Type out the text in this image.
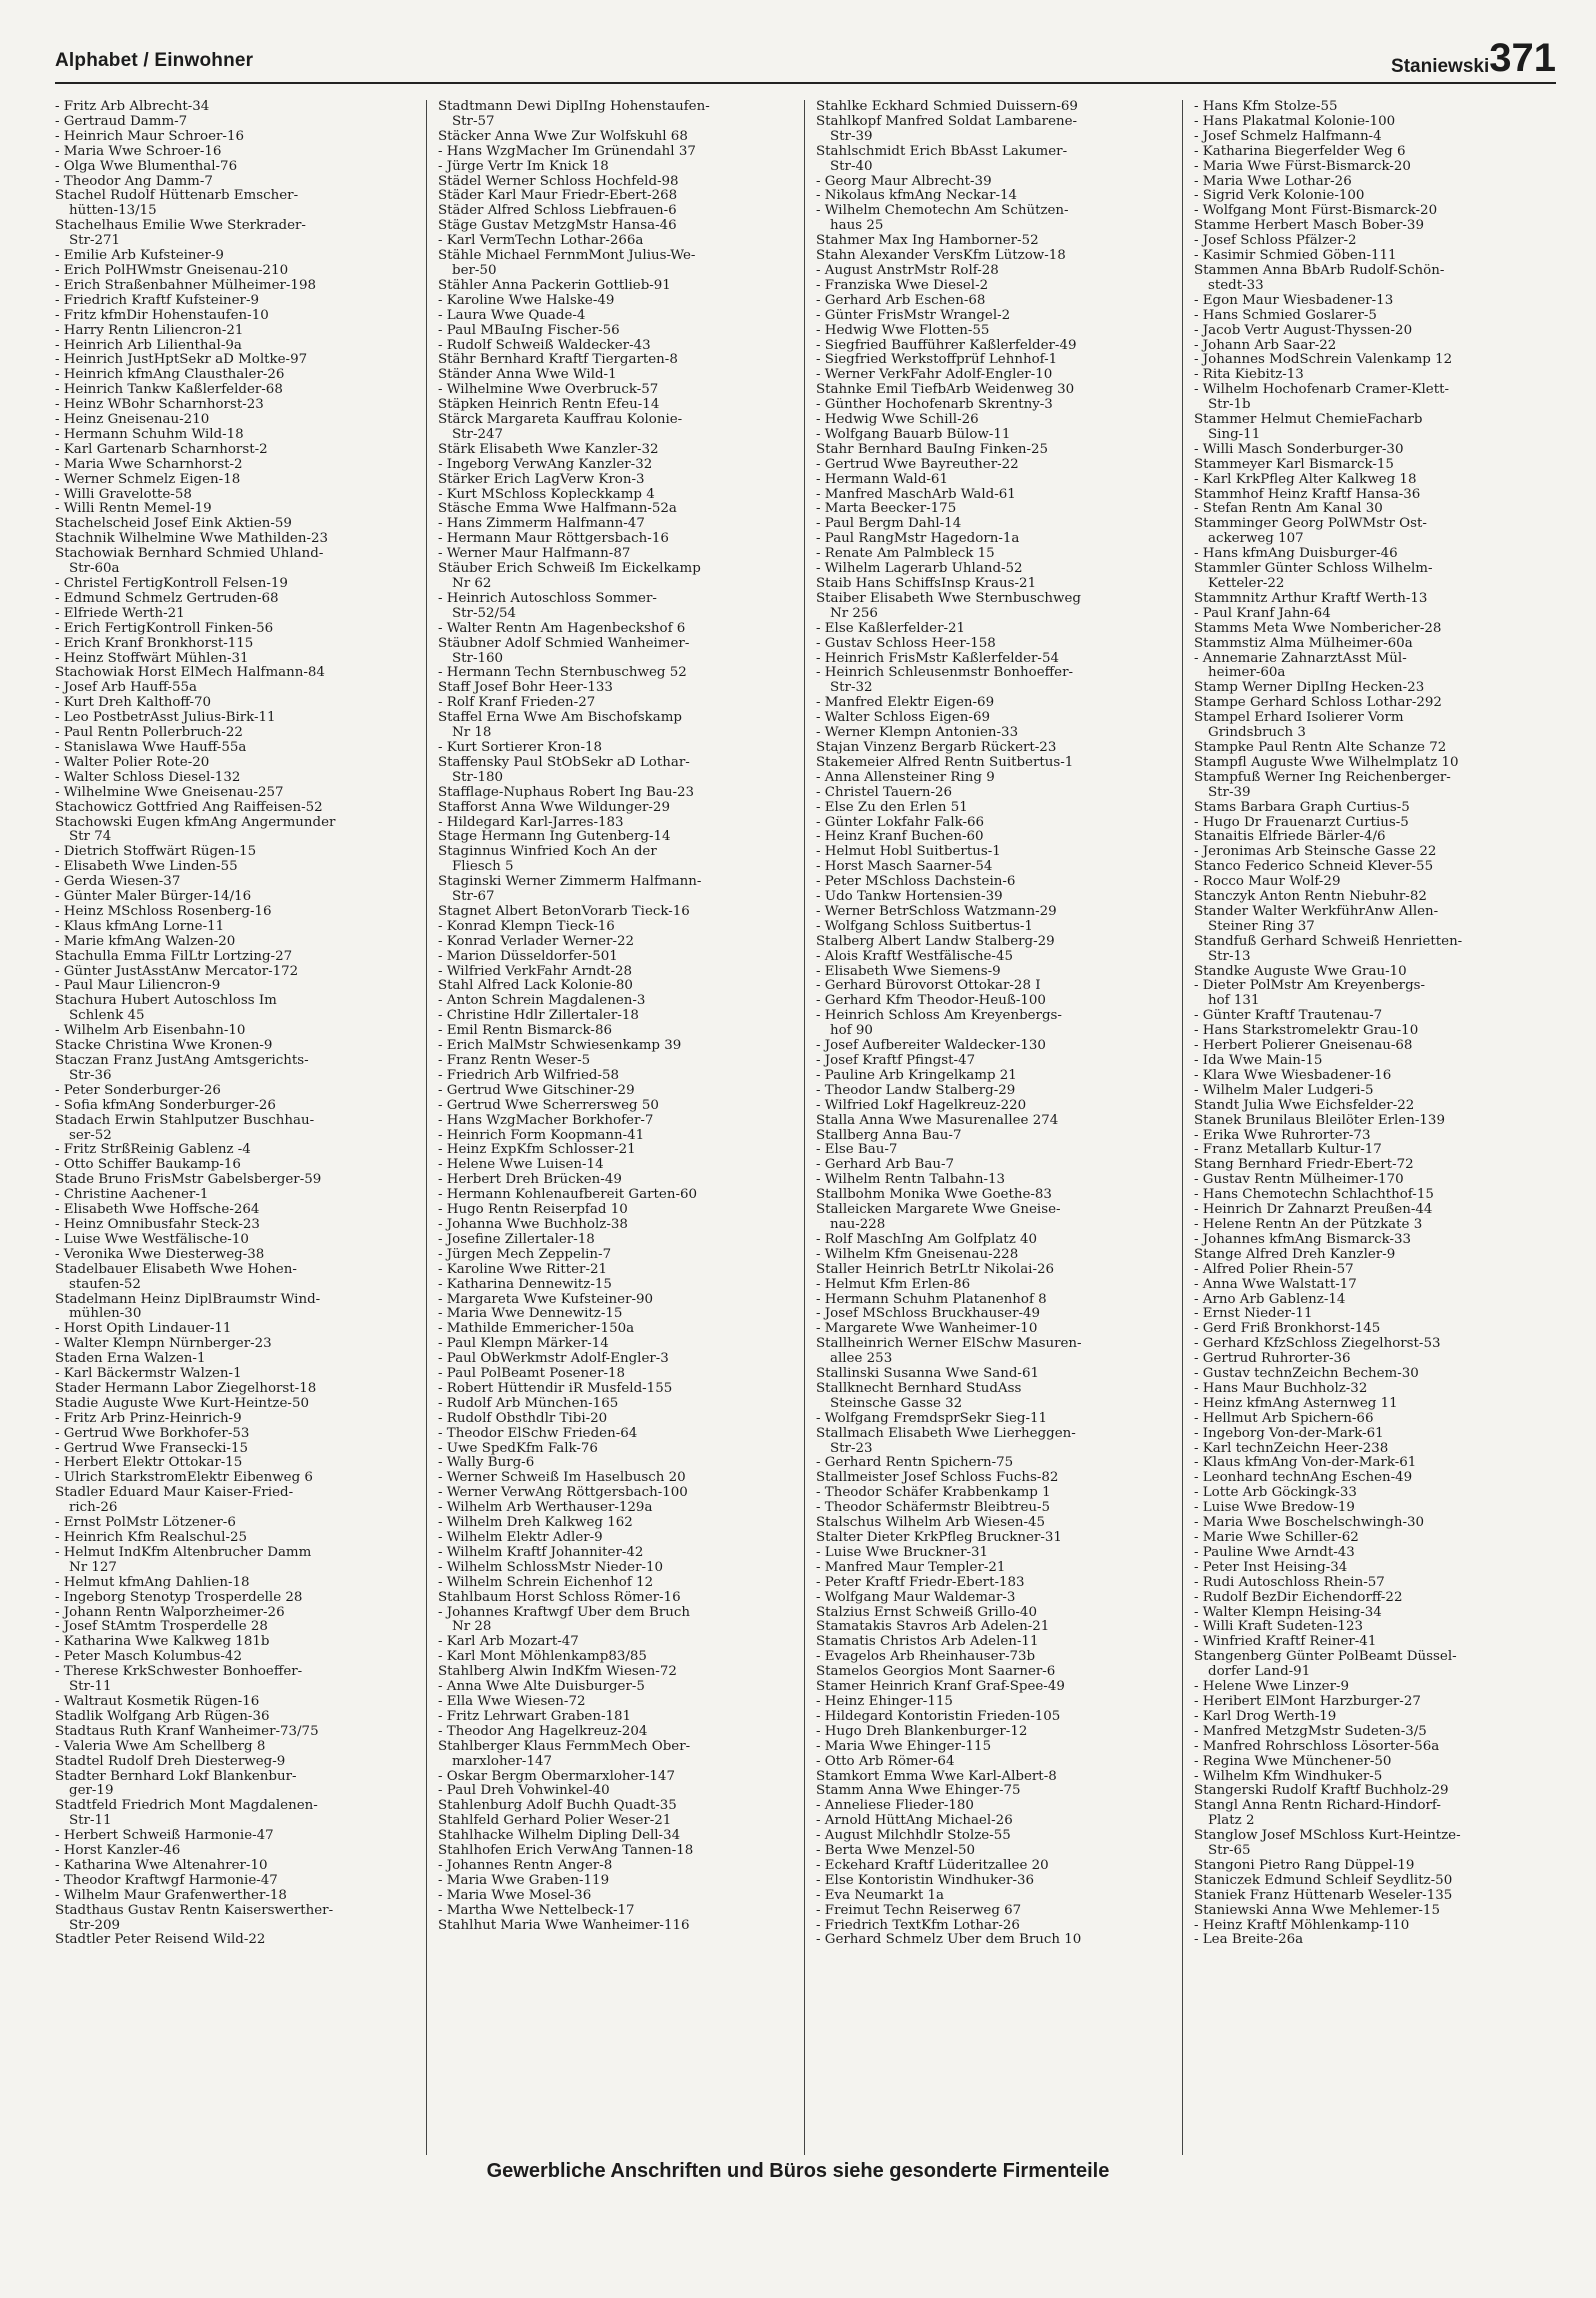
Alphabet / Einwohner	Staniewski371
- Fritz Arb Albrecht-34
- Gertraud Damm-7
- Heinrich Maur Schroer-16
- Maria Wwe Schroer-16
- Olga Wwe Blumenthal-76
- Theodor Ang Damm-7
Stachel Rudolf Hüttenarb Emscher-
hütten-13/15
Stachelhaus Emilie Wwe Sterkrader-
Str-271
- Emilie Arb Kufsteiner-9
- Erich PolHWmstr Gneisenau-210
- Erich Straßenbahner Mülheimer-198
- Friedrich Kraftf Kufsteiner-9
- Fritz kfmDir Hohenstaufen-10
- Harry Rentn Liliencron-21
- Heinrich Arb Lilienthal-9a
- Heinrich JustHptSekr aD Moltke-97
- Heinrich kfmAng Clausthaler-26
- Heinrich Tankw Kaßlerfelder-68
- Heinz WBohr Scharnhorst-23
- Heinz Gneisenau-210
- Hermann Schuhm Wild-18
- Karl Gartenarb Scharnhorst-2
- Maria Wwe Scharnhorst-2
- Werner Schmelz Eigen-18
- Willi Gravelotte-58
- Willi Rentn Memel-19
Stachelscheid Josef Eink Aktien-59
Stachnik Wilhelmine Wwe Mathilden-23
Stachowiak Bernhard Schmied Uhland-
Str-60a
- Christel FertigKontroll Felsen-19
- Edmund Schmelz Gertruden-68
- Elfriede Werth-21
- Erich FertigKontroll Finken-56
- Erich Kranf Bronkhorst-115
- Heinz Stoffwärt Mühlen-31
Stachowiak Horst ElMech Halfmann-84
- Josef Arb Hauff-55a
- Kurt Dreh Kalthoff-70
- Leo PostbetrAsst Julius-Birk-11
- Paul Rentn Pollerbruch-22
- Stanislawa Wwe Hauff-55a
- Walter Polier Rote-20
- Walter Schloss Diesel-132
- Wilhelmine Wwe Gneisenau-257
Stachowicz Gottfried Ang Raiffeisen-52
Stachowski Eugen kfmAng Angermunder
Str 74
- Dietrich Stoffwärt Rügen-15
- Elisabeth Wwe Linden-55
- Gerda Wiesen-37
- Günter Maler Bürger-14/16
- Heinz MSchloss Rosenberg-16
- Klaus kfmAng Lorne-11
- Marie kfmAng Walzen-20
Stachulla Emma FilLtr Lortzing-27
- Günter JustAsstAnw Mercator-172
- Paul Maur Liliencron-9
Stachura Hubert Autoschloss Im
Schlenk 45
- Wilhelm Arb Eisenbahn-10
Stacke Christina Wwe Kronen-9
Staczan Franz JustAng Amtsgerichts-
Str-36
- Peter Sonderburger-26
- Sofia kfmAng Sonderburger-26
Stadach Erwin Stahlputzer Buschhau-
ser-52
- Fritz StrßReinig Gablenz -4
- Otto Schiffer Baukamp-16
Stade Bruno FrisMstr Gabelsberger-59
- Christine Aachener-1
- Elisabeth Wwe Hoffsche-264
- Heinz Omnibusfahr Steck-23
- Luise Wwe Westfälische-10
- Veronika Wwe Diesterweg-38
Stadelbauer Elisabeth Wwe Hohen-
staufen-52
Stadelmann Heinz DiplBraumstr Wind-
mühlen-30
- Horst Opith Lindauer-11
- Walter Klempn Nürnberger-23
Staden Erna Walzen-1
- Karl Bäckermstr Walzen-1
Stader Hermann Labor Ziegelhorst-18
Stadie Auguste Wwe Kurt-Heintze-50
- Fritz Arb Prinz-Heinrich-9
- Gertrud Wwe Borkhofer-53
- Gertrud Wwe Fransecki-15
- Herbert Elektr Ottokar-15
- Ulrich StarkstromElektr Eibenweg 6
Stadler Eduard Maur Kaiser-Fried-
rich-26
- Ernst PolMstr Lötzener-6
- Heinrich Kfm Realschul-25
- Helmut IndKfm Altenbrucher Damm
Nr 127
- Helmut kfmAng Dahlien-18
- Ingeborg Stenotyp Trosperdelle 28
- Johann Rentn Walporzheimer-26
- Josef StAmtm Trosperdelle 28
- Katharina Wwe Kalkweg 181b
- Peter Masch Kolumbus-42
- Therese KrkSchwester Bonhoeffer-
Str-11
- Waltraut Kosmetik Rügen-16
Stadlik Wolfgang Arb Rügen-36
Stadtaus Ruth Kranf Wanheimer-73/75
- Valeria Wwe Am Schellberg 8
Stadtel Rudolf Dreh Diesterweg-9
Stadter Bernhard Lokf Blankenbur-
ger-19
Stadtfeld Friedrich Mont Magdalenen-
Str-11
- Herbert Schweiß Harmonie-47
- Horst Kanzler-46
- Katharina Wwe Altenahrer-10
- Theodor Kraftwgf Harmonie-47
- Wilhelm Maur Grafenwerther-18
Stadthaus Gustav Rentn Kaiserswerther-
Str-209
Stadtler Peter Reisend Wild-22
Stadtmann Dewi DiplIng Hohenstaufen-
Str-57
Stäcker Anna Wwe Zur Wolfskuhl 68
- Hans WzgMacher Im Grünendahl 37
- Jürge Vertr Im Knick 18
Städel Werner Schloss Hochfeld-98
Städer Karl Maur Friedr-Ebert-268
Städer Alfred Schloss Liebfrauen-6
Stäge Gustav MetzgMstr Hansa-46
- Karl VermTechn Lothar-266a
Stähle Michael FernmMont Julius-We-
ber-50
Stähler Anna Packerin Gottlieb-91
- Karoline Wwe Halske-49
- Laura Wwe Quade-4
- Paul MBauIng Fischer-56
- Rudolf Schweiß Waldecker-43
Stähr Bernhard Kraftf Tiergarten-8
Ständer Anna Wwe Wild-1
- Wilhelmine Wwe Overbruck-57
Stäpken Heinrich Rentn Efeu-14
Stärck Margareta Kauffrau Kolonie-
Str-247
Stärk Elisabeth Wwe Kanzler-32
- Ingeborg VerwAng Kanzler-32
Stärker Erich LagVerw Kron-3
- Kurt MSchloss Kopleckkamp 4
Stäsche Emma Wwe Halfmann-52a
- Hans Zimmerm Halfmann-47
- Hermann Maur Röttgersbach-16
- Werner Maur Halfmann-87
Stäuber Erich Schweiß Im Eickelkamp
Nr 62
- Heinrich Autoschloss Sommer-
Str-52/54
- Walter Rentn Am Hagenbeckshof 6
Stäubner Adolf Schmied Wanheimer-
Str-160
- Hermann Techn Sternbuschweg 52
Staff Josef Bohr Heer-133
- Rolf Kranf Frieden-27
Staffel Erna Wwe Am Bischofskamp
Nr 18
- Kurt Sortierer Kron-18
Staffensky Paul StObSekr aD Lothar-
Str-180
Stafflage-Nuphaus Robert Ing Bau-23
Stafforst Anna Wwe Wildunger-29
- Hildegard Karl-Jarres-183
Stage Hermann Ing Gutenberg-14
Staginnus Winfried Koch An der
Fliesch 5
Staginski Werner Zimmerm Halfmann-
Str-67
Stagnet Albert BetonVorarb Tieck-16
- Konrad Klempn Tieck-16
- Konrad Verlader Werner-22
- Marion Düsseldorfer-501
- Wilfried VerkFahr Arndt-28
Stahl Alfred Lack Kolonie-80
- Anton Schrein Magdalenen-3
- Christine Hdlr Zillertaler-18
- Emil Rentn Bismarck-86
- Erich MalMstr Schwiesenkamp 39
- Franz Rentn Weser-5
- Friedrich Arb Wilfried-58
- Gertrud Wwe Gitschiner-29
- Gertrud Wwe Scherrersweg 50
- Hans WzgMacher Borkhofer-7
- Heinrich Form Koopmann-41
- Heinz ExpKfm Schlosser-21
- Helene Wwe Luisen-14
- Herbert Dreh Brücken-49
- Hermann Kohlenaufbereit Garten-60
- Hugo Rentn Reiserpfad 10
- Johanna Wwe Buchholz-38
- Josefine Zillertaler-18
- Jürgen Mech Zeppelin-7
- Karoline Wwe Ritter-21
- Katharina Dennewitz-15
- Margareta Wwe Kufsteiner-90
- Maria Wwe Dennewitz-15
- Mathilde Emmericher-150a
- Paul Klempn Märker-14
- Paul ObWerkmstr Adolf-Engler-3
- Paul PolBeamt Posener-18
- Robert Hüttendir iR Musfeld-155
- Rudolf Arb München-165
- Rudolf Obsthdlr Tibi-20
- Theodor ElSchw Frieden-64
- Uwe SpedKfm Falk-76
- Wally Burg-6
- Werner Schweiß Im Haselbusch 20
- Werner VerwAng Röttgersbach-100
- Wilhelm Arb Werthauser-129a
- Wilhelm Dreh Kalkweg 162
- Wilhelm Elektr Adler-9
- Wilhelm Kraftf Johanniter-42
- Wilhelm SchlossMstr Nieder-10
- Wilhelm Schrein Eichenhof 12
Stahlbaum Horst Schloss Römer-16
- Johannes Kraftwgf Über dem Bruch
Nr 28
- Karl Arb Mozart-47
- Karl Mont Möhlenkamp83/85
Stahlberg Alwin IndKfm Wiesen-72
- Anna Wwe Alte Duisburger-5
- Ella Wwe Wiesen-72
- Fritz Lehrwart Graben-181
- Theodor Ang Hagelkreuz-204
Stahlberger Klaus FernmMech Ober-
marxloher-147
- Oskar Bergm Obermarxloher-147
- Paul Dreh Vohwinkel-40
Stahlenburg Adolf Buchh Quadt-35
Stahlfeld Gerhard Polier Weser-21
Stahlhacke Wilhelm Dipling Dell-34
Stahlhofen Erich VerwAng Tannen-18
- Johannes Rentn Anger-8
- Maria Wwe Graben-119
- Maria Wwe Mosel-36
- Martha Wwe Nettelbeck-17
Stahlhut Maria Wwe Wanheimer-116
Stahlke Eckhard Schmied Duissern-69
Stahlkopf Manfred Soldat Lambarene-
Str-39
Stahlschmidt Erich BbAsst Lakumer-
Str-40
- Georg Maur Albrecht-39
- Nikolaus kfmAng Neckar-14
- Wilhelm Chemotechn Am Schützen-
haus 25
Stahmer Max Ing Hamborner-52
Stahn Alexander VersKfm Lützow-18
- August AnstrMstr Rolf-28
- Franziska Wwe Diesel-2
- Gerhard Arb Eschen-68
- Günter FrisMstr Wrangel-2
- Hedwig Wwe Flotten-55
- Siegfried Baufführer Kaßlerfelder-49
- Siegfried Werkstoffprüf Lehnhof-1
- Werner VerkFahr Adolf-Engler-10
Stahnke Emil TiefbArb Weidenweg 30
- Günther Hochofenarb Skrentny-3
- Hedwig Wwe Schill-26
- Wolfgang Bauarb Bülow-11
Stahr Bernhard BauIng Finken-25
- Gertrud Wwe Bayreuther-22
- Hermann Wald-61
- Manfred MaschArb Wald-61
- Marta Beecker-175
- Paul Bergm Dahl-14
- Paul RangMstr Hagedorn-1a
- Renate Am Palmbleck 15
- Wilhelm Lagerarb Uhland-52
Staib Hans SchiffsInsp Kraus-21
Staiber Elisabeth Wwe Sternbuschweg
Nr 256
- Else Kaßlerfelder-21
- Gustav Schloss Heer-158
- Heinrich FrisMstr Kaßlerfelder-54
- Heinrich Schleusenmstr Bonhoeffer-
Str-32
- Manfred Elektr Eigen-69
- Walter Schloss Eigen-69
- Werner Klempn Antonien-33
Stajan Vinzenz Bergarb Rückert-23
Stakemeier Alfred Rentn Suitbertus-1
- Anna Allensteiner Ring 9
- Christel Tauern-26
- Else Zu den Erlen 51
- Günter Lokfahr Falk-66
- Heinz Kranf Buchen-60
- Helmut Hobl Suitbertus-1
- Horst Masch Saarner-54
- Peter MSchloss Dachstein-6
- Udo Tankw Hortensien-39
- Werner BetrSchloss Watzmann-29
- Wolfgang Schloss Suitbertus-1
Stalberg Albert Landw Stalberg-29
- Alois Kraftf Westfälische-45
- Elisabeth Wwe Siemens-9
- Gerhard Bürovorst Ottokar-28 I
- Gerhard Kfm Theodor-Heuß-100
- Heinrich Schloss Am Kreyenbergs-
hof 90
- Josef Aufbereiter Waldecker-130
- Josef Kraftf Pfingst-47
- Pauline Arb Kringelkamp 21
- Theodor Landw Stalberg-29
- Wilfried Lokf Hagelkreuz-220
Stalla Anna Wwe Masurenallee 274
Stallberg Anna Bau-7
- Else Bau-7
- Gerhard Arb Bau-7
- Wilhelm Rentn Talbahn-13
Stallbohm Monika Wwe Goethe-83
Stalleicken Margarete Wwe Gneise-
nau-228
- Rolf MaschIng Am Golfplatz 40
- Wilhelm Kfm Gneisenau-228
Staller Heinrich BetrLtr Nikolai-26
- Helmut Kfm Erlen-86
- Hermann Schuhm Platanenhof 8
- Josef MSchloss Bruckhauser-49
- Margarete Wwe Wanheimer-10
Stallheinrich Werner ElSchw Masuren-
allee 253
Stallinski Susanna Wwe Sand-61
Stallknecht Bernhard StudAss
Steinsche Gasse 32
- Wolfgang FremdsprSekr Sieg-11
Stallmach Elisabeth Wwe Lierheggen-
Str-23
- Gerhard Rentn Spichern-75
Stallmeister Josef Schloss Fuchs-82
- Theodor Schäfer Krabbenkamp 1
- Theodor Schäfermstr Bleibtreu-5
Stalschus Wilhelm Arb Wiesen-45
Stalter Dieter KrkPfleg Bruckner-31
- Luise Wwe Bruckner-31
- Manfred Maur Templer-21
- Peter Kraftf Friedr-Ebert-183
- Wolfgang Maur Waldemar-3
Stalzius Ernst Schweiß Grillo-40
Stamatakis Stavros Arb Adelen-21
Stamatis Christos Arb Adelen-11
- Evagelos Arb Rheinhauser-73b
Stamelos Georgios Mont Saarner-6
Stamer Heinrich Kranf Graf-Spee-49
- Heinz Ehinger-115
- Hildegard Kontoristin Frieden-105
- Hugo Dreh Blankenburger-12
- Maria Wwe Ehinger-115
- Otto Arb Römer-64
Stamkort Emma Wwe Karl-Albert-8
Stamm Anna Wwe Ehinger-75
- Anneliese Flieder-180
- Arnold HüttAng Michael-26
- August Milchhdlr Stolze-55
- Berta Wwe Menzel-50
- Eckehard Kraftf Lüderitzallee 20
- Else Kontoristin Windhuker-36
- Eva Neumarkt 1a
- Freimut Techn Reiserweg 67
- Friedrich TextKfm Lothar-26
- Gerhard Schmelz Über dem Bruch 10
- Hans Kfm Stolze-55
- Hans Plakatmal Kolonie-100
- Josef Schmelz Halfmann-4
- Katharina Biegerfelder Weg 6
- Maria Wwe Fürst-Bismarck-20
- Maria Wwe Lothar-26
- Sigrid Verk Kolonie-100
- Wolfgang Mont Fürst-Bismarck-20
Stamme Herbert Masch Bober-39
- Josef Schloss Pfälzer-2
- Kasimir Schmied Göben-111
Stammen Anna BbArb Rudolf-Schön-
stedt-33
- Egon Maur Wiesbadener-13
- Hans Schmied Goslarer-5
- Jacob Vertr August-Thyssen-20
- Johann Arb Saar-22
- Johannes ModSchrein Valenkamp 12
- Rita Kiebitz-13
- Wilhelm Hochofenarb Cramer-Klett-
Str-1b
Stammer Helmut ChemieFacharb
Sing-11
- Willi Masch Sonderburger-30
Stammeyer Karl Bismarck-15
- Karl KrkPfleg Alter Kalkweg 18
Stammhof Heinz Kraftf Hansa-36
- Stefan Rentn Am Kanal 30
Stamminger Georg PolWMstr Ost-
ackerweg 107
- Hans kfmAng Duisburger-46
Stammler Günter Schloss Wilhelm-
Ketteler-22
Stammnitz Arthur Kraftf Werth-13
- Paul Kranf Jahn-64
Stamms Meta Wwe Nombericher-28
Stammstiz Alma Mülheimer-60a
- Annemarie ZahnarztAsst Mül-
heimer-60a
Stamp Werner DiplIng Hecken-23
Stampe Gerhard Schloss Lothar-292
Stampel Erhard Isolierer Vorm
Grindsbruch 3
Stampke Paul Rentn Alte Schanze 72
Stampfl Auguste Wwe Wilhelmplatz 10
Stampfuß Werner Ing Reichenberger-
Str-39
Stams Barbara Graph Curtius-5
- Hugo Dr Frauenarzt Curtius-5
Stanaitis Elfriede Bärler-4/6
- Jeronimas Arb Steinsche Gasse 22
Stanco Federico Schneid Klever-55
- Rocco Maur Wolf-29
Stanczyk Anton Rentn Niebuhr-82
Stander Walter WerkführAnw Allen-
Steiner Ring 37
Standfuß Gerhard Schweiß Henrietten-
Str-13
Standke Auguste Wwe Grau-10
- Dieter PolMstr Am Kreyenbergs-
hof 131
- Günter Kraftf Trautenau-7
- Hans Starkstromelektr Grau-10
- Herbert Polierer Gneisenau-68
- Ida Wwe Main-15
- Klara Wwe Wiesbadener-16
- Wilhelm Maler Ludgeri-5
Standt Julia Wwe Eichsfelder-22
Stanek Brunilaus Bleilöter Erlen-139
- Erika Wwe Ruhrorter-73
- Franz Metallarb Kultur-17
Stang Bernhard Friedr-Ebert-72
- Gustav Rentn Mülheimer-170
- Hans Chemotechn Schlachthof-15
- Heinrich Dr Zahnarzt Preußen-44
- Helene Rentn An der Pützkate 3
- Johannes kfmAng Bismarck-33
Stange Alfred Dreh Kanzler-9
- Alfred Polier Rhein-57
- Anna Wwe Walstatt-17
- Arno Arb Gablenz-14
- Ernst Nieder-11
- Gerd Friß Bronkhorst-145
- Gerhard KfzSchloss Ziegelhorst-53
- Gertrud Ruhrorter-36
- Gustav technZeichn Bechem-30
- Hans Maur Buchholz-32
- Heinz kfmAng Asternweg 11
- Hellmut Arb Spichern-66
- Ingeborg Von-der-Mark-61
- Karl technZeichn Heer-238
- Klaus kfmAng Von-der-Mark-61
- Leonhard technAng Eschen-49
- Lotte Arb Göckingk-33
- Luise Wwe Bredow-19
- Maria Wwe Boschelschwingh-30
- Marie Wwe Schiller-62
- Pauline Wwe Arndt-43
- Peter Inst Heising-34
- Rudi Autoschloss Rhein-57
- Rudolf BezDir Eichendorff-22
- Walter Klempn Heising-34
- Willi Kraft Sudeten-123
- Winfried Kraftf Reiner-41
Stangenberg Günter PolBeamt Düssel-
dorfer Land-91
- Helene Wwe Linzer-9
- Heribert ElMont Harzburger-27
- Karl Drog Werth-19
- Manfred MetzgMstr Sudeten-3/5
- Manfred Rohrschloss Lösorter-56a
- Regina Wwe Münchener-50
- Wilhelm Kfm Windhuker-5
Stangerski Rudolf Kraftf Buchholz-29
Stangl Anna Rentn Richard-Hindorf-
Platz 2
Stanglow Josef MSchloss Kurt-Heintze-
Str-65
Stangoni Pietro Rang Düppel-19
Staniczek Edmund Schleif Seydlitz-50
Staniek Franz Hüttenarb Weseler-135
Staniewski Anna Wwe Mehlemer-15
- Heinz Kraftf Möhlenkamp-110
- Lea Breite-26a
Gewerbliche Anschriften und Büros siehe gesonderte Firmenteile
